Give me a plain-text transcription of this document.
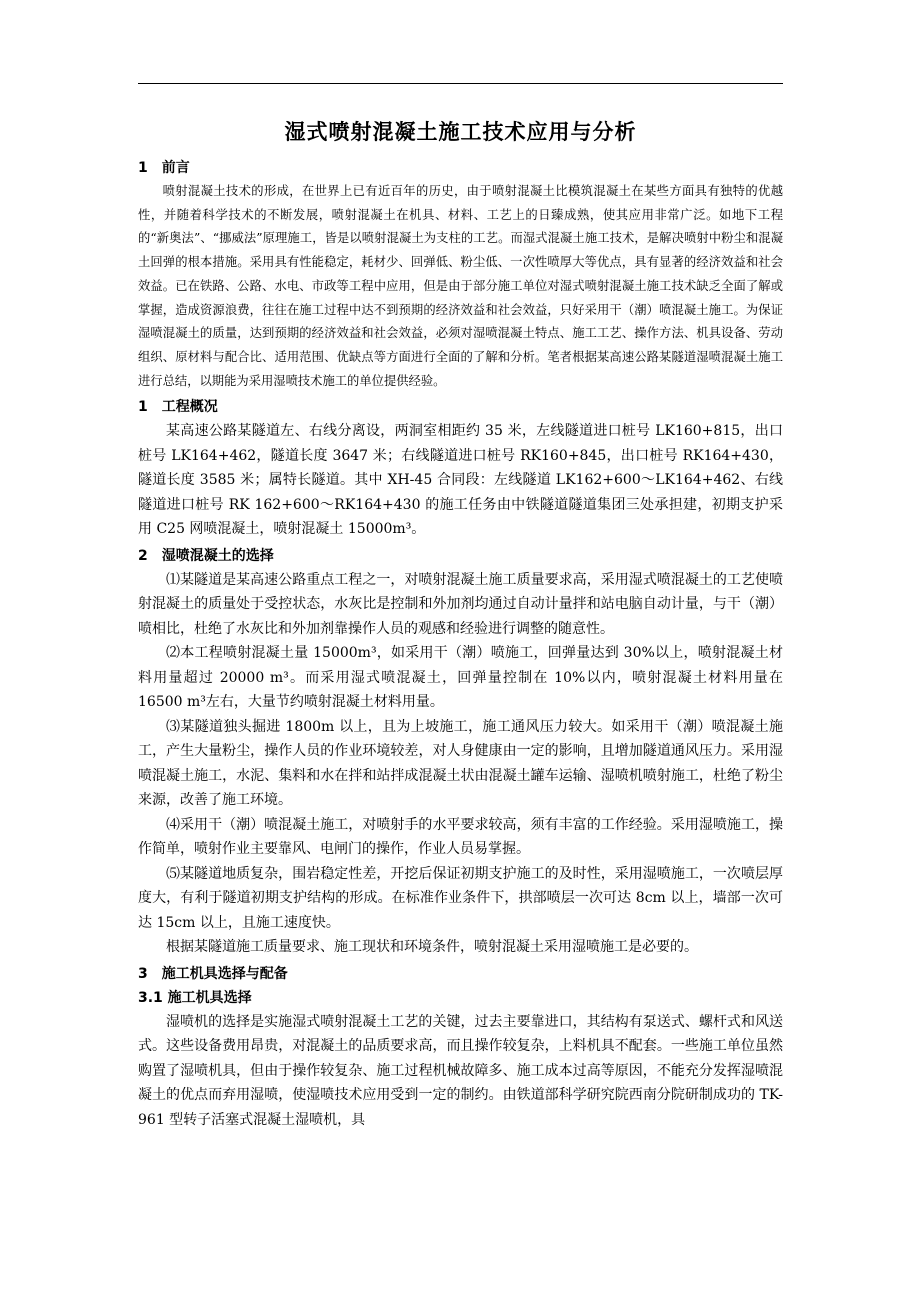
湿式喷射混凝土施工技术应用与分析
1　前言

喷射混凝土技术的形成，在世界上已有近百年的历史，由于喷射混凝土比模筑混凝土在某些方面具有独特的优越性，并随着科学技术的不断发展，喷射混凝土在机具、材料、工艺上的日臻成熟，使其应用非常广泛。如地下工程的“新奥法”、“挪威法”原理施工，皆是以喷射混凝土为支柱的工艺。而湿式混凝土施工技术，是解决喷射中粉尘和混凝土回弹的根本措施。采用具有性能稳定，耗材少、回弹低、粉尘低、一次性喷厚大等优点，具有显著的经济效益和社会效益。已在铁路、公路、水电、市政等工程中应用，但是由于部分施工单位对湿式喷射混凝土施工技术缺乏全面了解或掌握，造成资源浪费，往往在施工过程中达不到预期的经济效益和社会效益，只好采用干（潮）喷混凝土施工。为保证湿喷混凝土的质量，达到预期的经济效益和社会效益，必须对湿喷混凝土特点、施工工艺、操作方法、机具设备、劳动组织、原材料与配合比、适用范围、优缺点等方面进行全面的了解和分析。笔者根据某高速公路某隧道湿喷混凝土施工进行总结，以期能为采用湿喷技术施工的单位提供经验。

1　工程概况

某高速公路某隧道左、右线分离设，两洞室相距约 35 米，左线隧道进口桩号 LK160+815，出口桩号 LK164+462，隧道长度 3647 米；右线隧道进口桩号 RK160+845，出口桩号 RK164+430，隧道长度 3585 米；属特长隧道。其中 XH-45 合同段：左线隧道 LK162+600～LK164+462、右线隧道进口桩号 RK 162+600～RK164+430 的施工任务由中铁隧道隧道集团三处承担建，初期支护采用 C25 网喷混凝土，喷射混凝土 15000m³。

2　湿喷混凝土的选择

⑴某隧道是某高速公路重点工程之一，对喷射混凝土施工质量要求高，采用湿式喷混凝土的工艺使喷射混凝土的质量处于受控状态，水灰比是控制和外加剂均通过自动计量拌和站电脑自动计量，与干（潮）喷相比，杜绝了水灰比和外加剂靠操作人员的观感和经验进行调整的随意性。

⑵本工程喷射混凝土量 15000m³，如采用干（潮）喷施工，回弹量达到 30%以上，喷射混凝土材料用量超过 20000 m³。而采用湿式喷混凝土，回弹量控制在 10%以内，喷射混凝土材料用量在 16500 m³左右，大量节约喷射混凝土材料用量。

⑶某隧道独头掘进 1800m 以上，且为上坡施工，施工通风压力较大。如采用干（潮）喷混凝土施工，产生大量粉尘，操作人员的作业环境较差，对人身健康由一定的影响，且增加隧道通风压力。采用湿喷混凝土施工，水泥、集料和水在拌和站拌成混凝土状由混凝土罐车运输、湿喷机喷射施工，杜绝了粉尘来源，改善了施工环境。

⑷采用干（潮）喷混凝土施工，对喷射手的水平要求较高，须有丰富的工作经验。采用湿喷施工，操作简单，喷射作业主要靠风、电闸门的操作，作业人员易掌握。

⑸某隧道地质复杂，围岩稳定性差，开挖后保证初期支护施工的及时性，采用湿喷施工，一次喷层厚度大，有利于隧道初期支护结构的形成。在标准作业条件下，拱部喷层一次可达 8cm 以上，墙部一次可达 15cm 以上，且施工速度快。

根据某隧道施工质量要求、施工现状和环境条件，喷射混凝土采用湿喷施工是必要的。

3　施工机具选择与配备
3.1 施工机具选择

湿喷机的选择是实施湿式喷射混凝土工艺的关键，过去主要靠进口，其结构有泵送式、螺杆式和风送式。这些设备费用昂贵，对混凝土的品质要求高，而且操作较复杂，上料机具不配套。一些施工单位虽然购置了湿喷机具，但由于操作较复杂、施工过程机械故障多、施工成本过高等原因，不能充分发挥湿喷混凝土的优点而弃用湿喷，使湿喷技术应用受到一定的制约。由铁道部科学研究院西南分院研制成功的 TK-961 型转子活塞式混凝土湿喷机，具
